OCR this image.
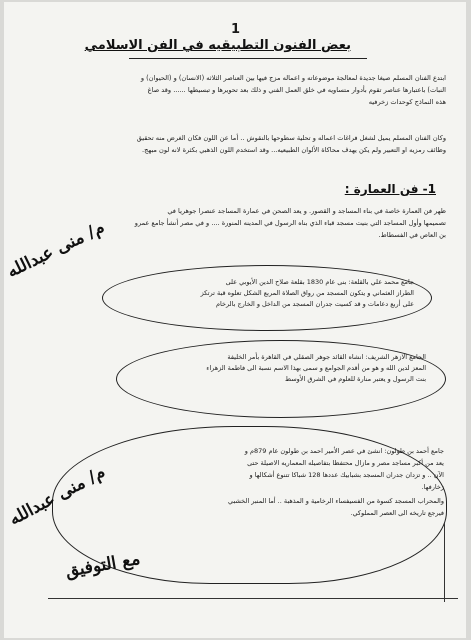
1
بعض الفنون التطبيقيه في الفن الاسلامي

ابتدع الفنان المسلم صيغا جديدة لمعالجة موضوعاته و اعماله مزج فيها بين العناصر الثلاثه (الانسان) و (الحيوان) و

النبات) باعتبارها عناصر تقوم بأدوار متساويه في خلق العمل الفني و ذلك بعد تحويرها و تبسيطها ...... وقد صاغ

هذه النماذج كوحدات زخرفيه

وكان الفنان المسلم يميل لشغل فراغات اعماله و تحلية سطوحها بالنقوش .. أما عن اللون فكان الغرض منه تحقيق

وظائف رمزيه او التعبير ولم يكن يهدف محاكاة الألوان الطبيعيه... وقد استخدم اللون الذهبي بكثرة لانه لون مبهج.

1- فن العمارة :

ظهر فن العمارة خاصة في بناء المساجد و القصور. و يعد الصحن في عمارة المساجد عنصرا جوهريا في

تصميمها وأول المساجد التي بنيت مسجد قباء الذي بناه الرسول في المدينه المنورة .... و في مصر أنشأ جامع عمرو

بن العاص في الفسطاط.

جامع محمد علي بالقلعة: بنى عام 1830 بقلعة صلاح الدين الأيوبي على

الطراز العثماني و يتكون المسجد من رواق الصلاة المربع الشكل تعلوه قبة ترتكز

على أربع دعامات و قد كسيت جدران المسجد من الداخل و الخارج بالرخام

الجامع الازهر الشريف: انشاه القائد جوهر الصقلي في القاهرة بأمر الخليفة

المعز لدين الله و هو من أقدم الجوامع و سمى بهذا الاسم نسبة الى فاطمة الزهراء

بنت الرسول و يعتبر منارة للعلوم في الشرق الأوسط

جامع أحمد بن طولون: انشئ في عصر الأمير احمد بن طولون عام 879م و

يعد من أكبر مساجد مصر و مازال محتفظا بتفاصيله المعماريه الاصيلة حتى

الآن .. و تزدان جدران المسجد بشبابيك عددها 128 شباكا تتنوع أشكالها و

زخارفها.

والمحراب المسجد كسوة من الفسيفساء الرخامية و المذهبة .. أما المنبر الخشبي

فيرجع تاريخه الى العصر المملوكي.

م/ منى عبدالله
م/ منى عبدالله
مع التوفيق
